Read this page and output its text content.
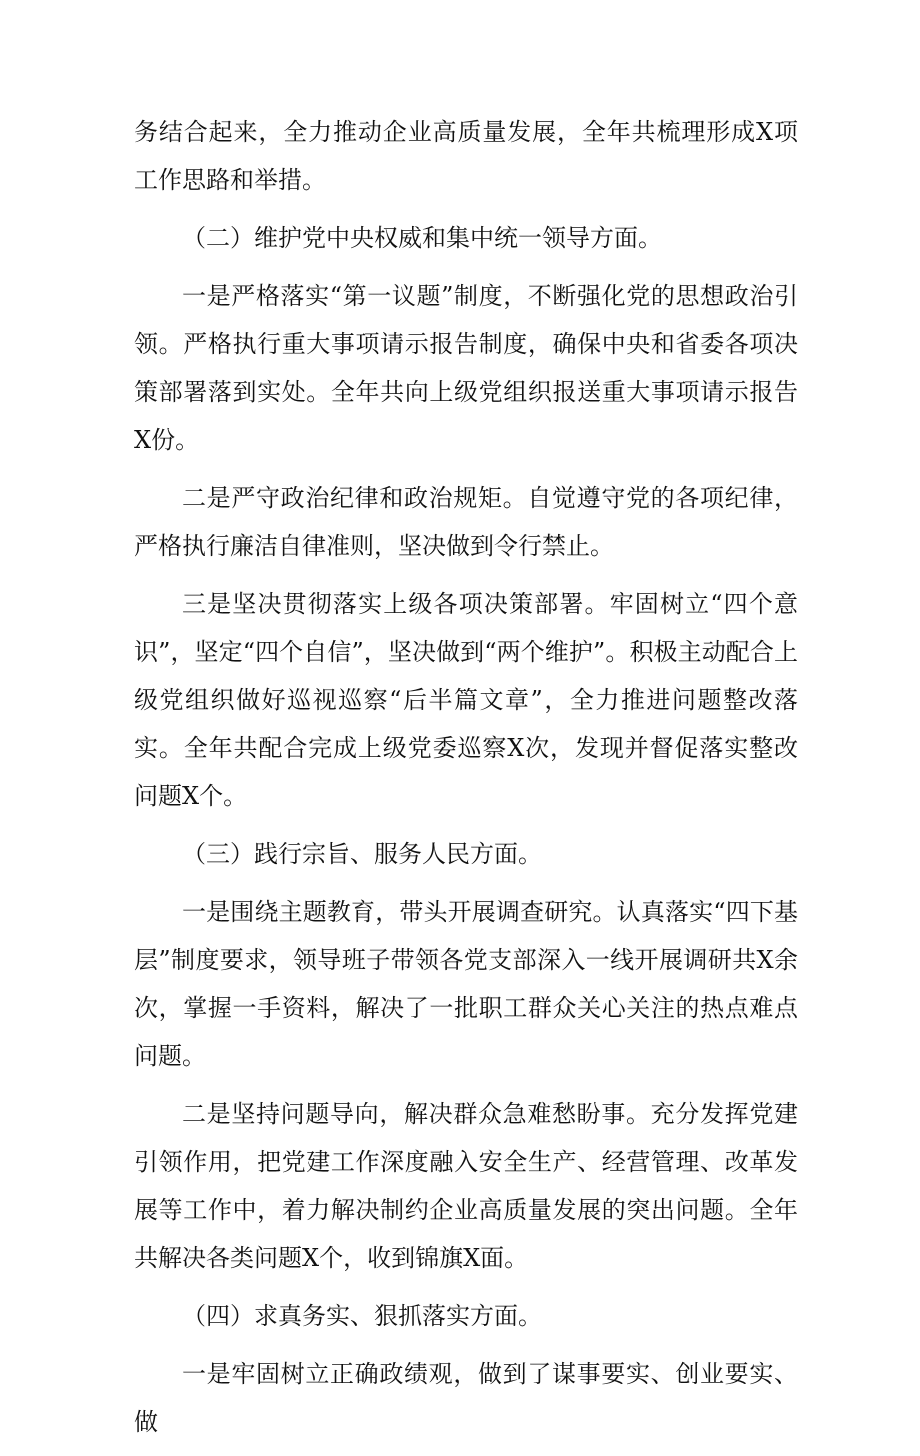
务结合起来，全力推动企业高质量发展，全年共梳理形成X项工作思路和举措。

（二）维护党中央权威和集中统一领导方面。

一是严格落实“第一议题”制度，不断强化党的思想政治引领。严格执行重大事项请示报告制度，确保中央和省委各项决策部署落到实处。全年共向上级党组织报送重大事项请示报告X份。

二是严守政治纪律和政治规矩。自觉遵守党的各项纪律，严格执行廉洁自律准则，坚决做到令行禁止。

三是坚决贯彻落实上级各项决策部署。牢固树立“四个意识”，坚定“四个自信”，坚决做到“两个维护”。积极主动配合上级党组织做好巡视巡察“后半篇文章”，全力推进问题整改落实。全年共配合完成上级党委巡察X次，发现并督促落实整改问题X个。

（三）践行宗旨、服务人民方面。

一是围绕主题教育，带头开展调查研究。认真落实“四下基层”制度要求，领导班子带领各党支部深入一线开展调研共X余次，掌握一手资料，解决了一批职工群众关心关注的热点难点问题。

二是坚持问题导向，解决群众急难愁盼事。充分发挥党建引领作用，把党建工作深度融入安全生产、经营管理、改革发展等工作中，着力解决制约企业高质量发展的突出问题。全年共解决各类问题X个，收到锦旗X面。

（四）求真务实、狠抓落实方面。

一是牢固树立正确政绩观，做到了谋事要实、创业要实、做
